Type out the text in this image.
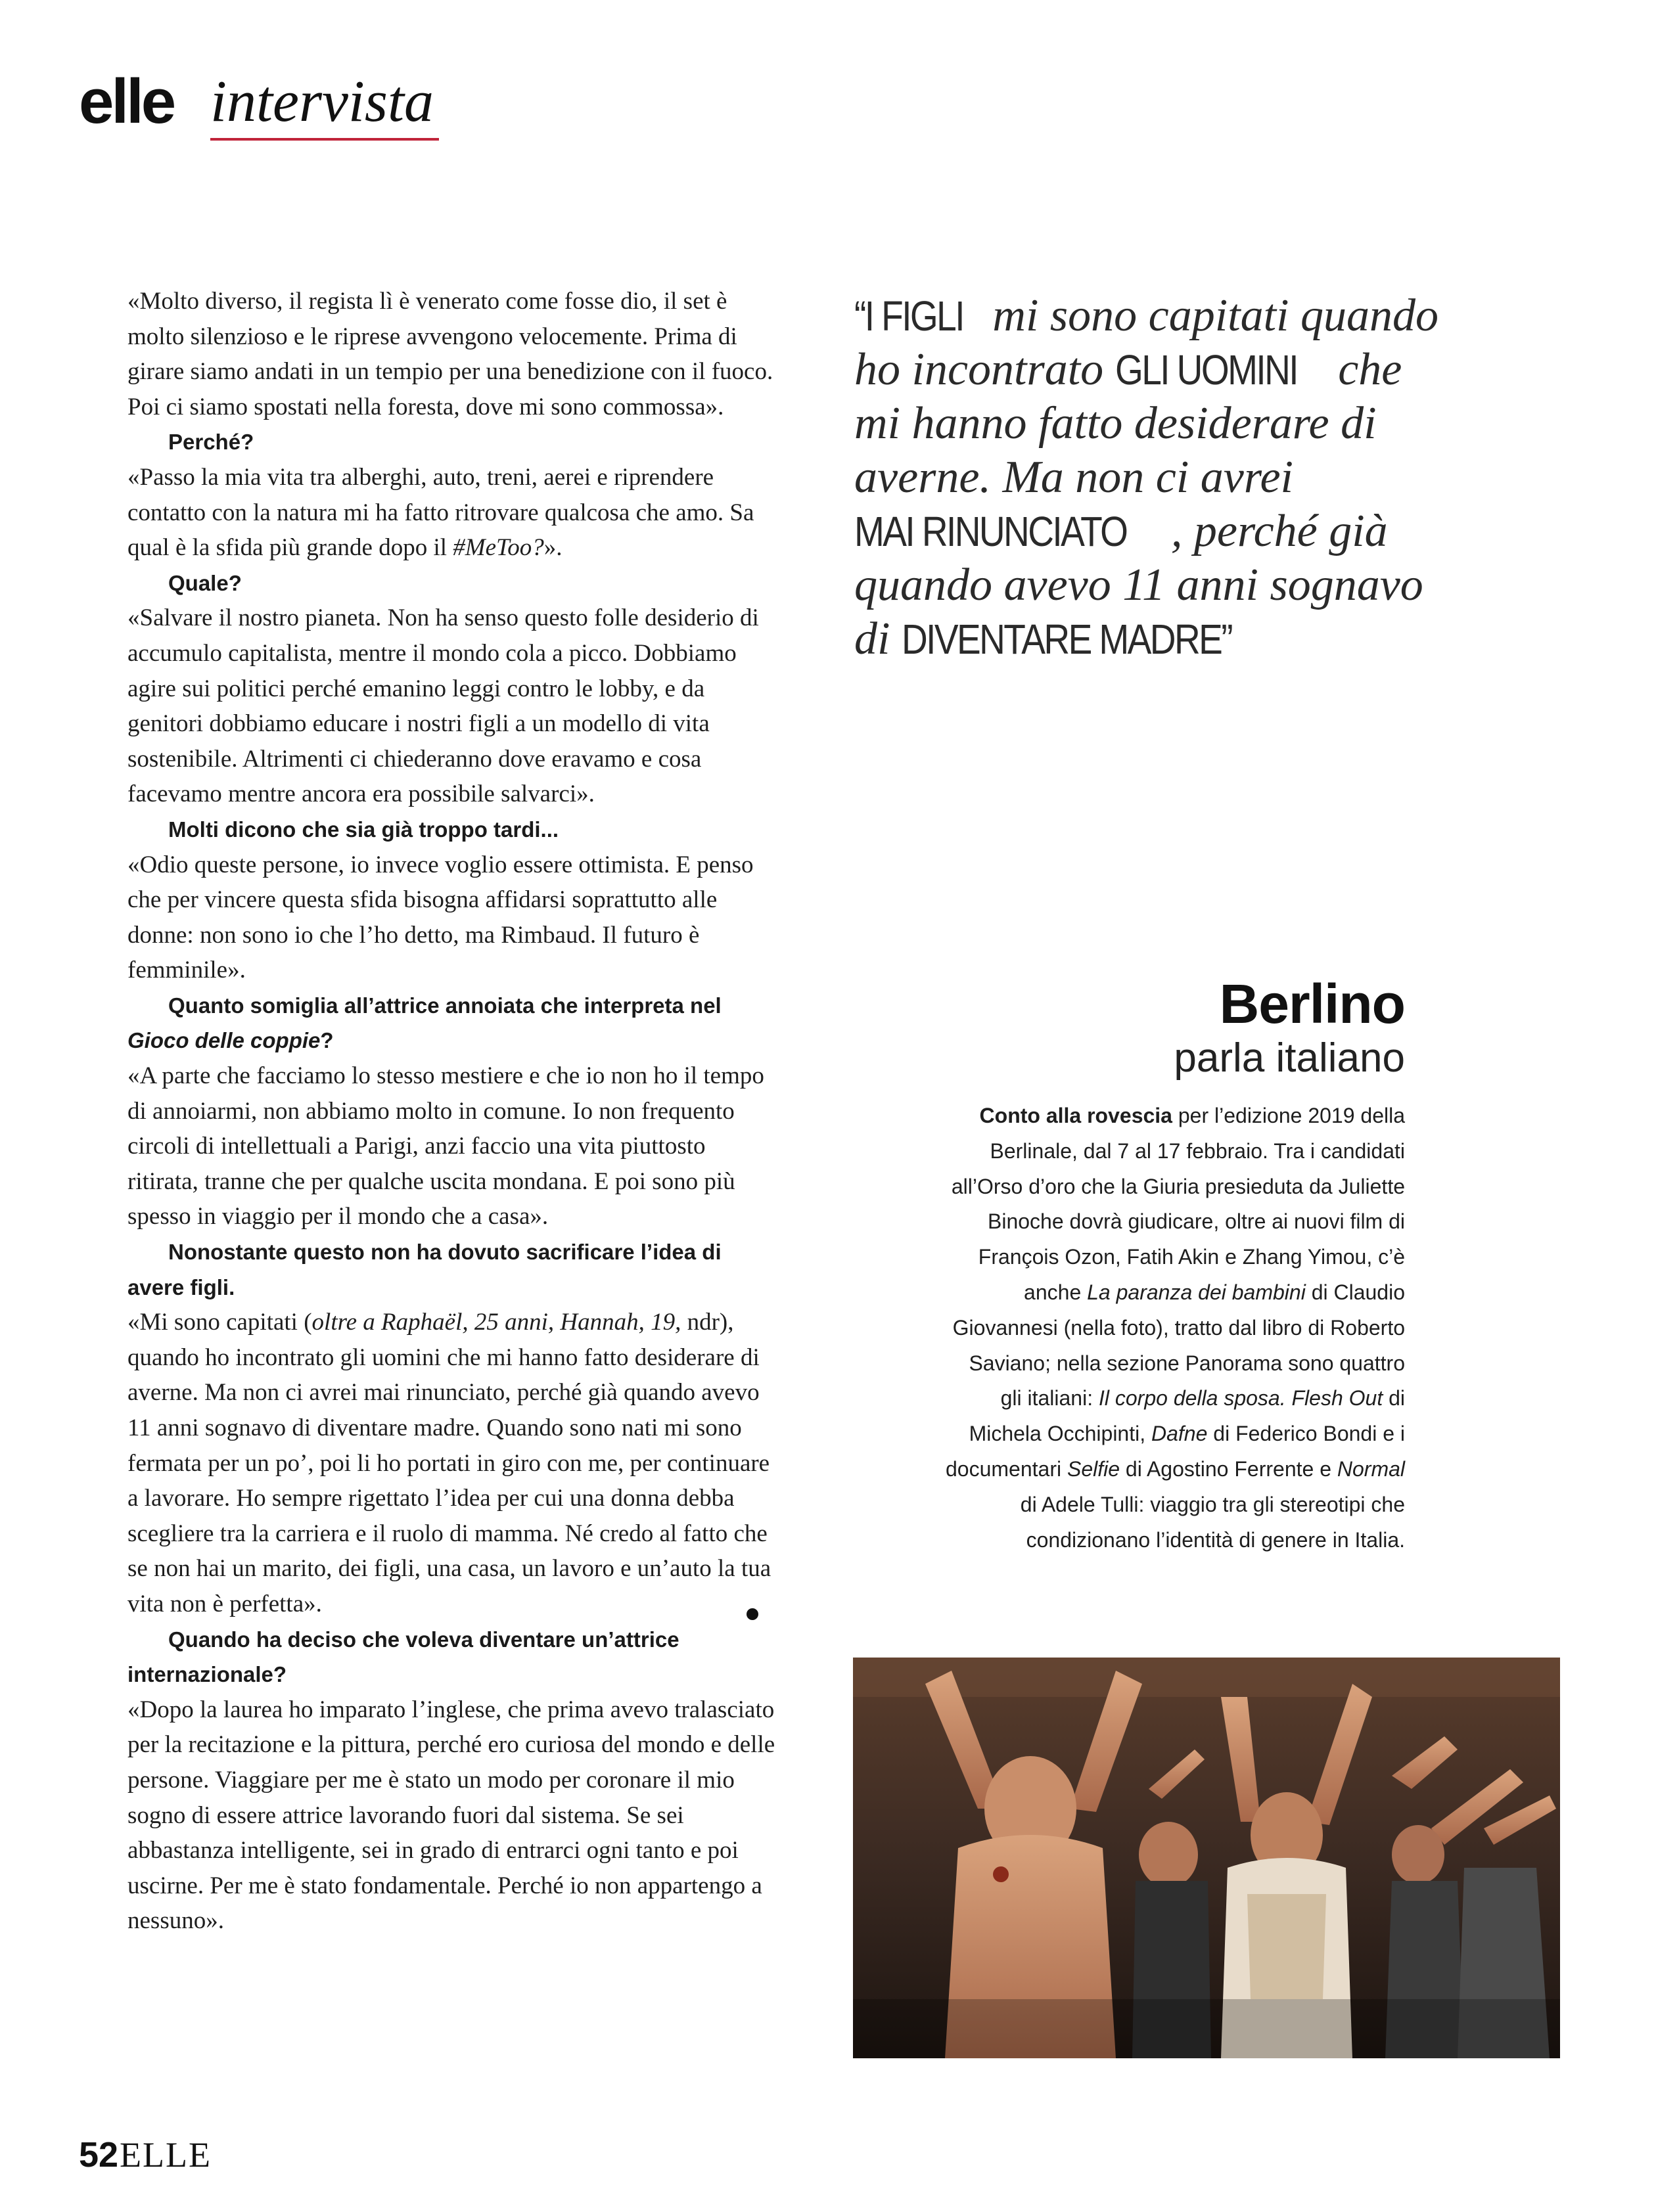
elle intervista

«Molto diverso, il regista lì è venerato come fosse dio, il set è molto silenzioso e le riprese avvengono velocemente. Prima di girare siamo andati in un tempio per una benedizione con il fuoco. Poi ci siamo spostati nella foresta, dove mi sono commossa».

Perché?

«Passo la mia vita tra alberghi, auto, treni, aerei e riprendere contatto con la natura mi ha fatto ritrovare qualcosa che amo. Sa qual è la sfida più grande dopo il #MeToo?».

Quale?

«Salvare il nostro pianeta. Non ha senso questo folle desiderio di accumulo capitalista, mentre il mondo cola a picco. Dobbiamo agire sui politici perché emanino leggi contro le lobby, e da genitori dobbiamo educare i nostri figli a un modello di vita sostenibile. Altrimenti ci chiederanno dove eravamo e cosa facevamo mentre ancora era possibile salvarci».

Molti dicono che sia già troppo tardi...

«Odio queste persone, io invece voglio essere ottimista. E penso che per vincere questa sfida bisogna affidarsi soprattutto alle donne: non sono io che l’ho detto, ma Rimbaud. Il futuro è femminile».

Quanto somiglia all’attrice annoiata che interpreta nel Gioco delle coppie?

«A parte che facciamo lo stesso mestiere e che io non ho il tempo di annoiarmi, non abbiamo molto in comune. Io non frequento circoli di intellettuali a Parigi, anzi faccio una vita piuttosto ritirata, tranne che per qualche uscita mondana. E poi sono più spesso in viaggio per il mondo che a casa».

Nonostante questo non ha dovuto sacrificare l’idea di avere figli.

«Mi sono capitati (oltre a Raphaël, 25 anni, Hannah, 19, ndr), quando ho incontrato gli uomini che mi hanno fatto desiderare di averne. Ma non ci avrei mai rinunciato, perché già quando avevo 11 anni sognavo di diventare madre. Quando sono nati mi sono fermata per un po’, poi li ho portati in giro con me, per continuare a lavorare. Ho sempre rigettato l’idea per cui una donna debba scegliere tra la carriera e il ruolo di mamma. Né credo al fatto che se non hai un marito, dei figli, una casa, un lavoro e un’auto la tua vita non è perfetta».

Quando ha deciso che voleva diventare un’attrice internazionale?

«Dopo la laurea ho imparato l’inglese, che prima avevo tralasciato per la recitazione e la pittura, perché ero curiosa del mondo e delle persone. Viaggiare per me è stato un modo per coronare il mio sogno di essere attrice lavorando fuori dal sistema. Se sei abbastanza intelligente, sei in grado di entrarci ogni tanto e poi uscirne. Per me è stato fondamentale. Perché io non appartengo a nessuno».

“I FIGLI mi sono capitati quando ho incontrato GLI UOMINI che mi hanno fatto desiderare di averne. Ma non ci avrei MAI RINUNCIATO , perché già quando avevo 11 anni sognavo di DIVENTARE MADRE”
Berlino
parla italiano
Conto alla rovescia per l’edizione 2019 della Berlinale, dal 7 al 17 febbraio. Tra i candidati all’Orso d’oro che la Giuria presieduta da Juliette Binoche dovrà giudicare, oltre ai nuovi film di François Ozon, Fatih Akin e Zhang Yimou, c’è anche La paranza dei bambini di Claudio Giovannesi (nella foto), tratto dal libro di Roberto Saviano; nella sezione Panorama sono quattro gli italiani: Il corpo della sposa. Flesh Out di Michela Occhipinti, Dafne di Federico Bondi e i documentari Selfie di Agostino Ferrente e Normal di Adele Tulli: viaggio tra gli stereotipi che condizionano l’identità di genere in Italia.
52 ELLE
